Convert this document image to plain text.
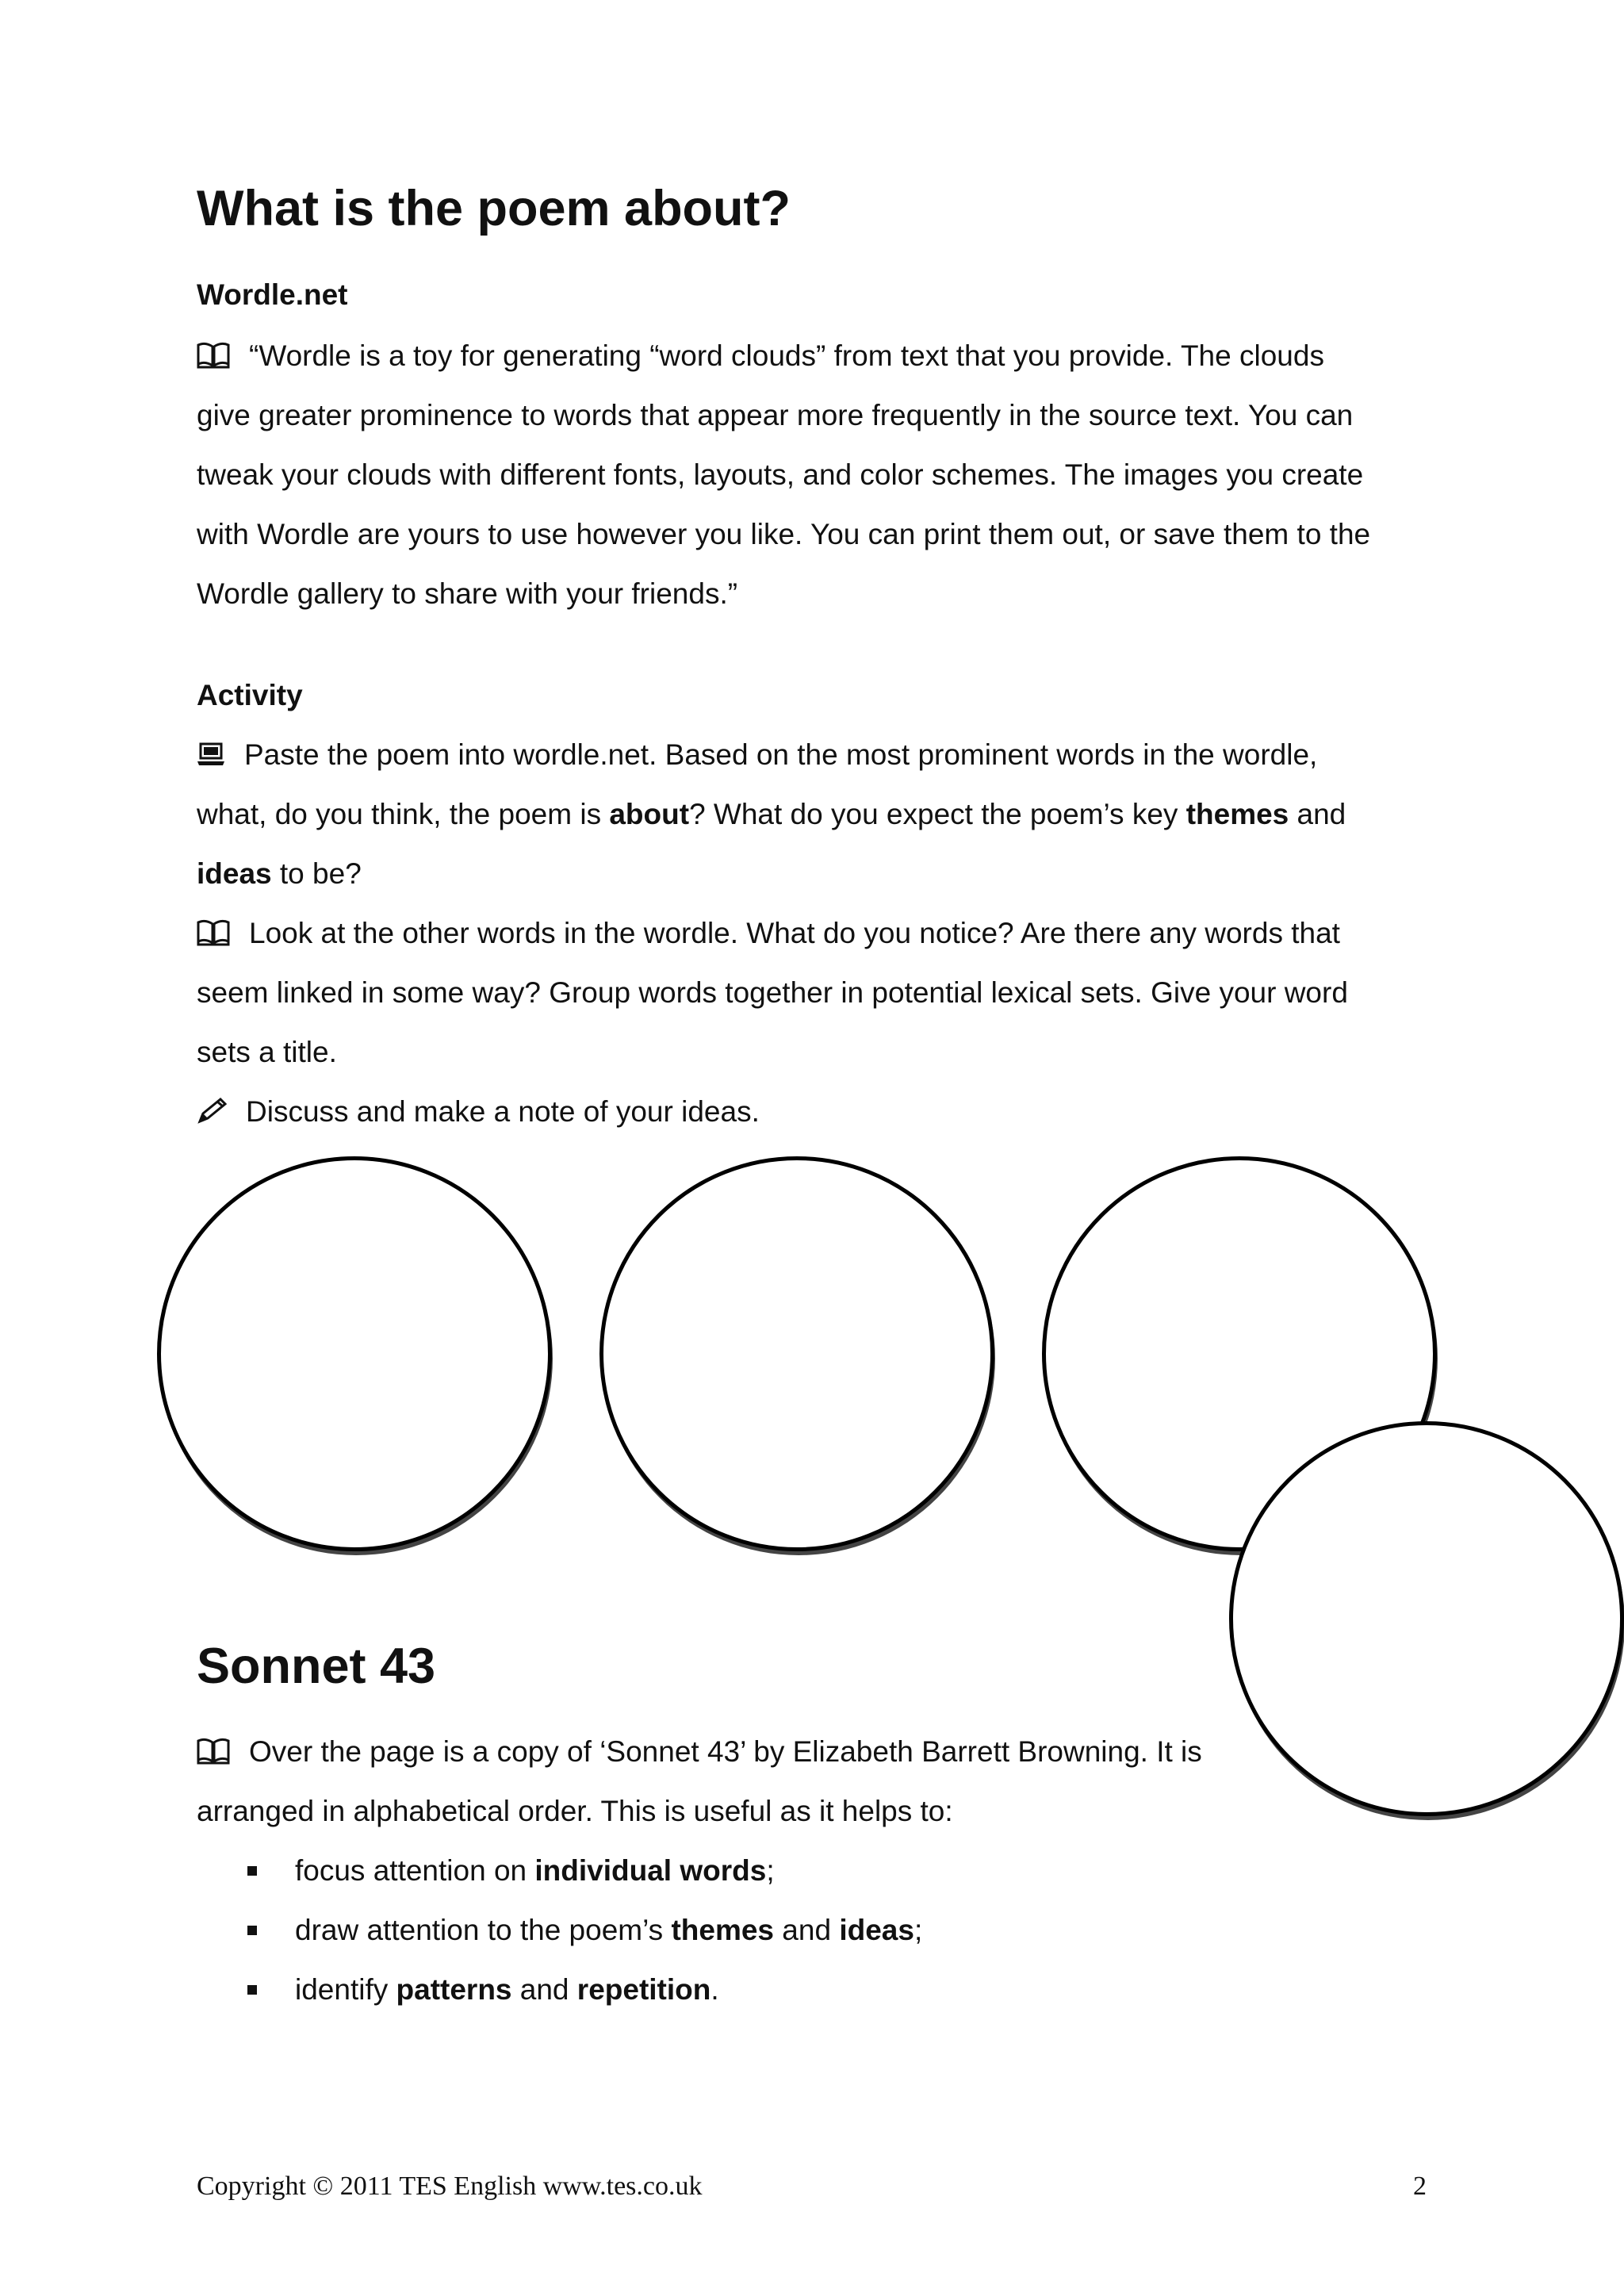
What is the poem about?
Wordle.net
“Wordle is a toy for generating “word clouds” from text that you provide. The clouds
give greater prominence to words that appear more frequently in the source text. You can
tweak your clouds with different fonts, layouts, and color schemes. The images you create
with Wordle are yours to use however you like. You can print them out, or save them to the
Wordle gallery to share with your friends.”
Activity
Paste the poem into wordle.net. Based on the most prominent words in the wordle,
what, do you think, the poem is about? What do you expect the poem’s key themes and
ideas to be?
Look at the other words in the wordle. What do you notice? Are there any words that
seem linked in some way? Group words together in potential lexical sets. Give your word
sets a title.
Discuss and make a note of your ideas.
Sonnet 43
Over the page is a copy of ‘Sonnet 43’ by Elizabeth Barrett Browning. It is
arranged in alphabetical order. This is useful as it helps to:
focus attention on individual words;
draw attention to the poem’s themes and ideas;
identify patterns and repetition.
Copyright © 2011 TES English www.tes.co.uk	2
